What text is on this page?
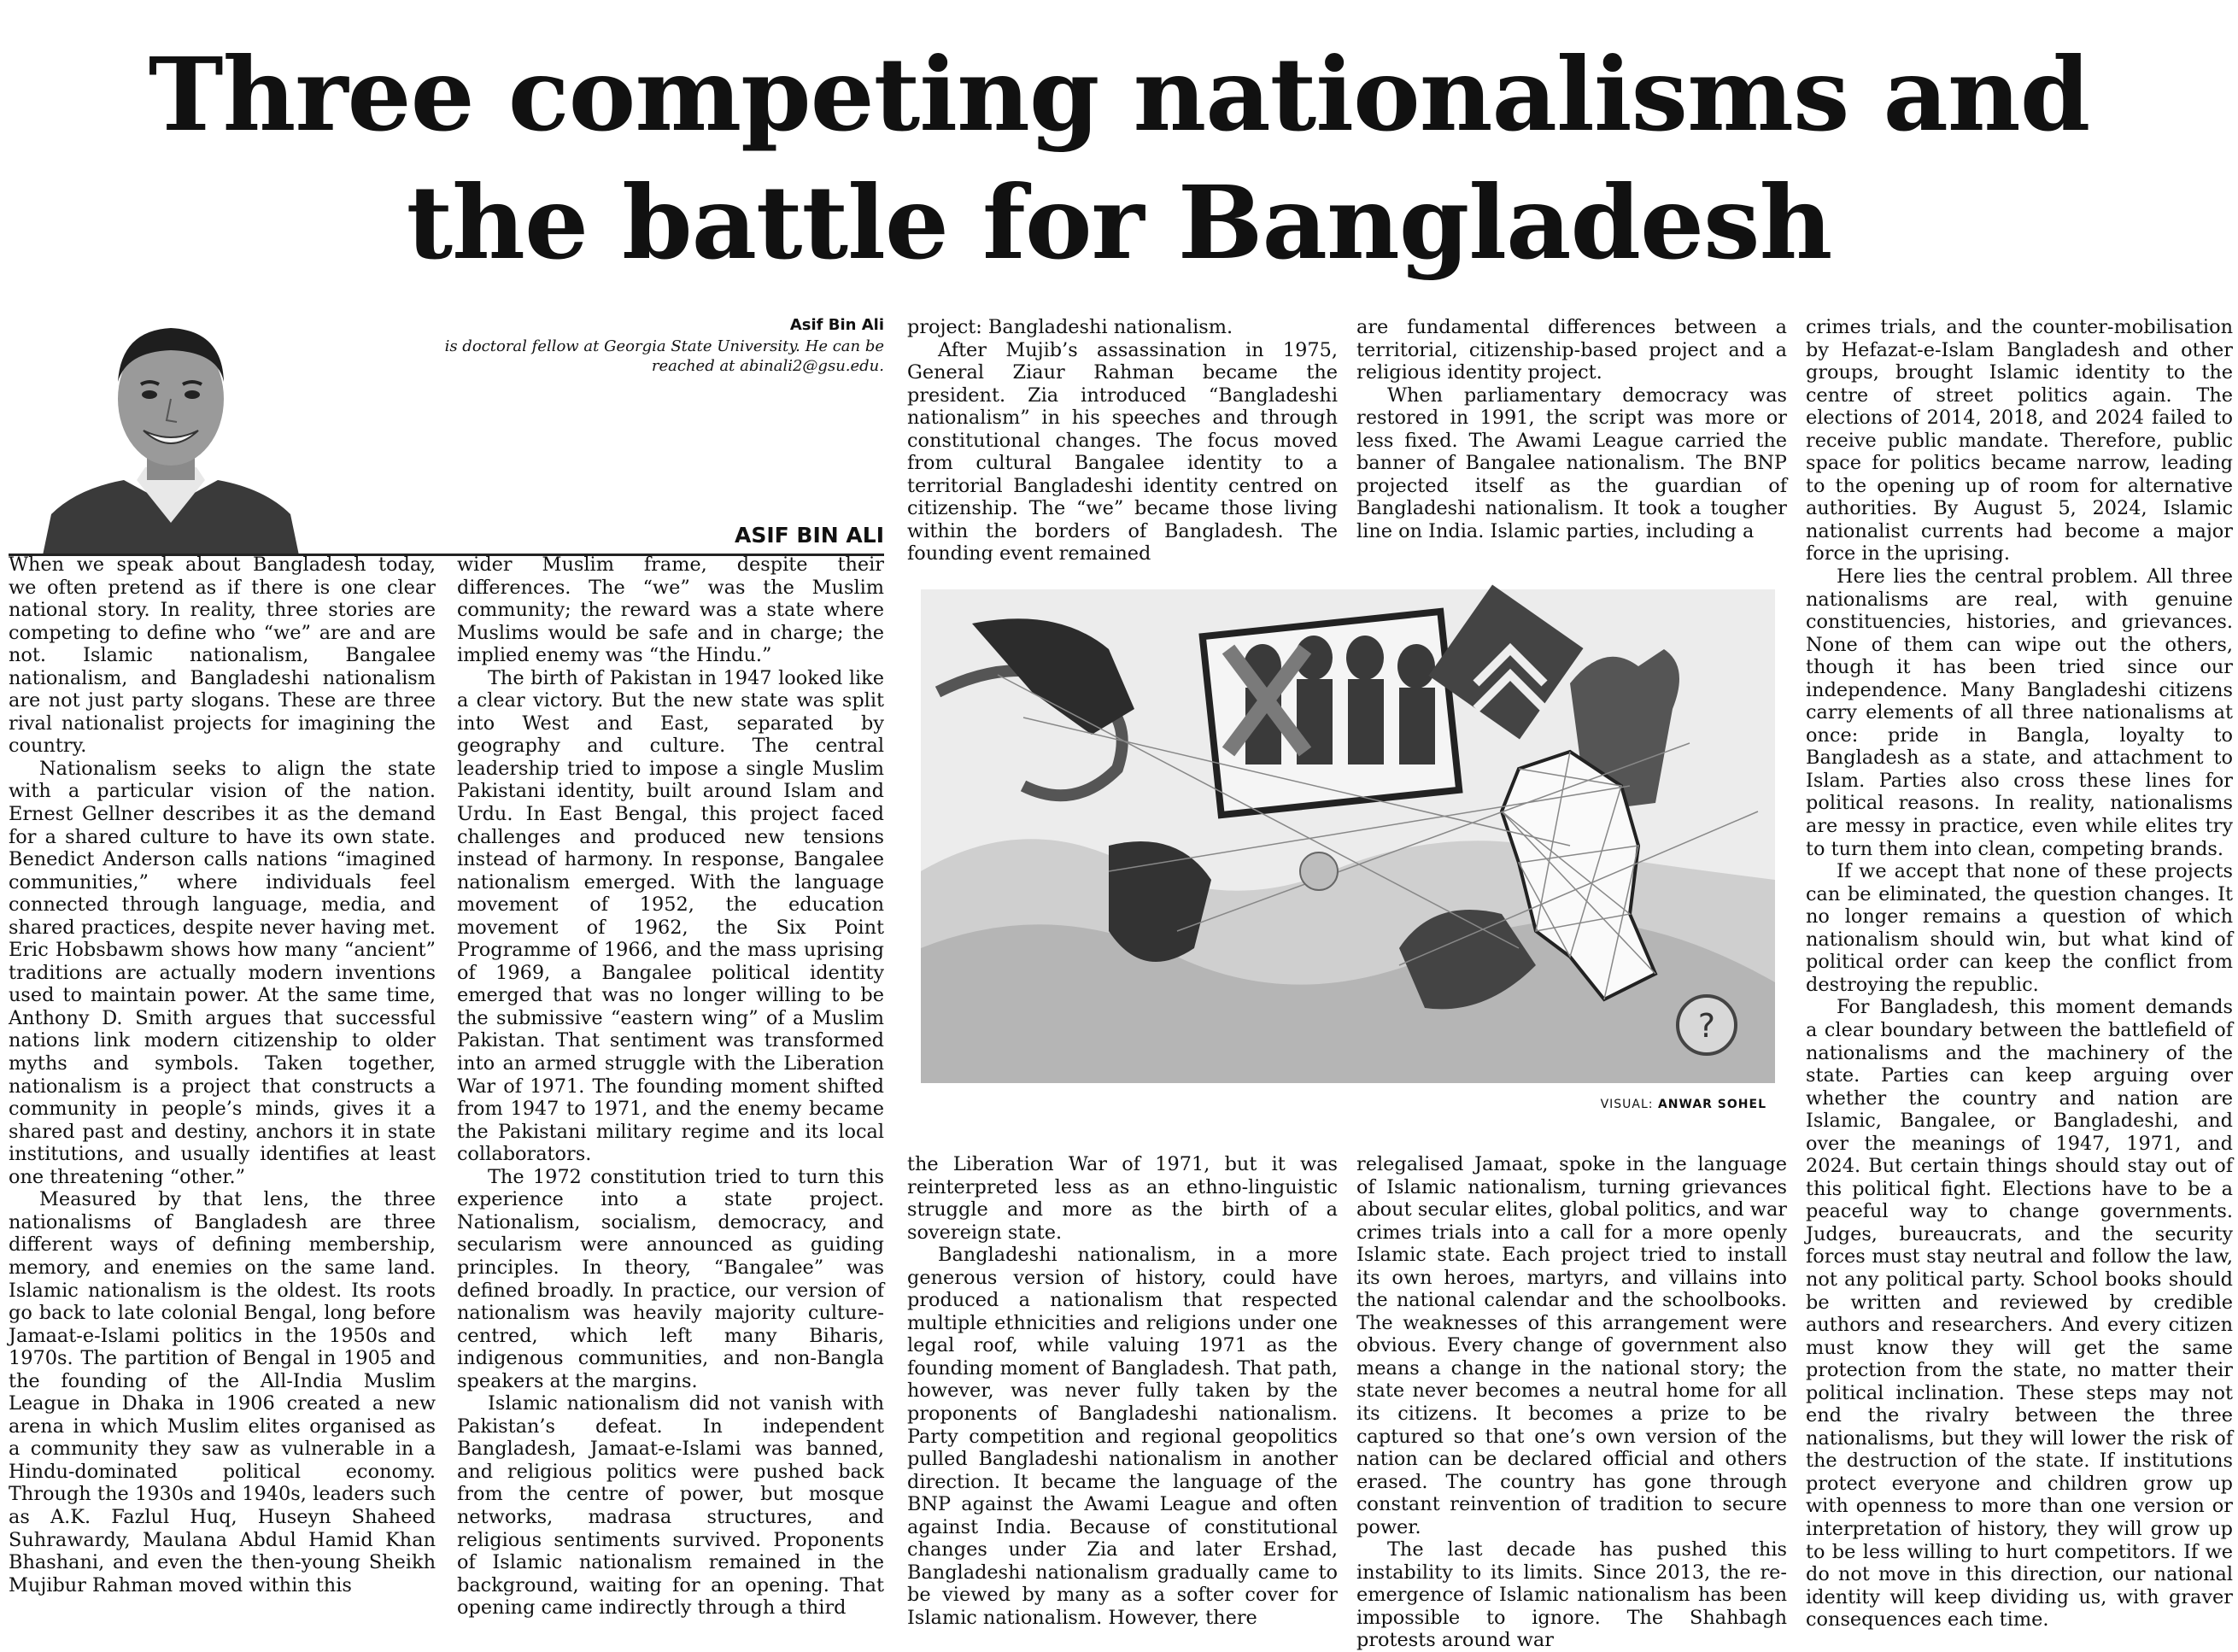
Three competing nationalisms and
the battle for Bangladesh
Asif Bin Ali
is doctoral fellow at Georgia State University. He can be reached at abinali2@gsu.edu.
ASIF BIN ALI

When we speak about Bangladesh today, we often pretend as if there is one clear national story. In reality, three stories are competing to define who “we” are and are not. Islamic nationalism, Bangalee nationalism, and Bangladeshi nationalism are not just party slogans. These are three rival nationalist projects for imagining the country.

Nationalism seeks to align the state with a particular vision of the nation. Ernest Gellner describes it as the demand for a shared culture to have its own state. Benedict Anderson calls nations “imagined communities,” where individuals feel connected through language, media, and shared practices, despite never having met. Eric Hobsbawm shows how many “ancient” traditions are actually modern inventions used to maintain power. At the same time, Anthony D. Smith argues that successful nations link modern citizenship to older myths and symbols. Taken together, nationalism is a project that constructs a community in people’s minds, gives it a shared past and destiny, anchors it in state institutions, and usually identifies at least one threatening “other.”

Measured by that lens, the three nationalisms of Bangladesh are three different ways of defining membership, memory, and enemies on the same land. Islamic nationalism is the oldest. Its roots go back to late colonial Bengal, long before Jamaat-e-Islami politics in the 1950s and 1970s. The partition of Bengal in 1905 and the founding of the All-India Muslim League in Dhaka in 1906 created a new arena in which Muslim elites organised as a community they saw as vulnerable in a Hindu-dominated political economy. Through the 1930s and 1940s, leaders such as A.K. Fazlul Huq, Huseyn Shaheed Suhrawardy, Maulana Abdul Hamid Khan Bhashani, and even the then-young Sheikh Mujibur Rahman moved within this

wider Muslim frame, despite their differences. The “we” was the Muslim community; the reward was a state where Muslims would be safe and in charge; the implied enemy was “the Hindu.”

The birth of Pakistan in 1947 looked like a clear victory. But the new state was split into West and East, separated by geography and culture. The central leadership tried to impose a single Muslim Pakistani identity, built around Islam and Urdu. In East Bengal, this project faced challenges and produced new tensions instead of harmony. In response, Bangalee nationalism emerged. With the language movement of 1952, the education movement of 1962, the Six Point Programme of 1966, and the mass uprising of 1969, a Bangalee political identity emerged that was no longer willing to be the submissive “eastern wing” of a Muslim Pakistan. That sentiment was transformed into an armed struggle with the Liberation War of 1971. The founding moment shifted from 1947 to 1971, and the enemy became the Pakistani military regime and its local collaborators.

The 1972 constitution tried to turn this experience into a state project. Nationalism, socialism, democracy, and secularism were announced as guiding principles. In theory, “Bangalee” was defined broadly. In practice, our version of nationalism was heavily majority culture-centred, which left many Biharis, indigenous communities, and non-Bangla speakers at the margins.

Islamic nationalism did not vanish with Pakistan’s defeat. In independent Bangladesh, Jamaat-e-Islami was banned, and religious politics were pushed back from the centre of power, but mosque networks, madrasa structures, and religious sentiments survived. Proponents of Islamic nationalism remained in the background, waiting for an opening. That opening came indirectly through a third

project: Bangladeshi nationalism.

After Mujib’s assassination in 1975, General Ziaur Rahman became the president. Zia introduced “Bangladeshi nationalism” in his speeches and through constitutional changes. The focus moved from cultural Bangalee identity to a territorial Bangladeshi identity centred on citizenship. The “we” became those living within the borders of Bangladesh. The founding event remained

are fundamental differences between a territorial, citizenship-based project and a religious identity project.

When parliamentary democracy was restored in 1991, the script was more or less fixed. The Awami League carried the banner of Bangalee nationalism. The BNP projected itself as the guardian of Bangladeshi nationalism. It took a tougher line on India. Islamic parties, including a

?
VISUAL: ANWAR SOHEL

the Liberation War of 1971, but it was reinterpreted less as an ethno-linguistic struggle and more as the birth of a sovereign state.

Bangladeshi nationalism, in a more generous version of history, could have produced a nationalism that respected multiple ethnicities and religions under one legal roof, while valuing 1971 as the founding moment of Bangladesh. That path, however, was never fully taken by the proponents of Bangladeshi nationalism. Party competition and regional geopolitics pulled Bangladeshi nationalism in another direction. It became the language of the BNP against the Awami League and often against India. Because of constitutional changes under Zia and later Ershad, Bangladeshi nationalism gradually came to be viewed by many as a softer cover for Islamic nationalism. However, there

relegalised Jamaat, spoke in the language of Islamic nationalism, turning grievances about secular elites, global politics, and war crimes trials into a call for a more openly Islamic state. Each project tried to install its own heroes, martyrs, and villains into the national calendar and the schoolbooks. The weaknesses of this arrangement were obvious. Every change of government also means a change in the national story; the state never becomes a neutral home for all its citizens. It becomes a prize to be captured so that one’s own version of the nation can be declared official and others erased. The country has gone through constant reinvention of tradition to secure power.

The last decade has pushed this instability to its limits. Since 2013, the re-emergence of Islamic nationalism has been impossible to ignore. The Shahbagh protests around war

crimes trials, and the counter-mobilisation by Hefazat-e-Islam Bangladesh and other groups, brought Islamic identity to the centre of street politics again. The elections of 2014, 2018, and 2024 failed to receive public mandate. Therefore, public space for politics became narrow, leading to the opening up of room for alternative authorities. By August 5, 2024, Islamic nationalist currents had become a major force in the uprising.

Here lies the central problem. All three nationalisms are real, with genuine constituencies, histories, and grievances. None of them can wipe out the others, though it has been tried since our independence. Many Bangladeshi citizens carry elements of all three nationalisms at once: pride in Bangla, loyalty to Bangladesh as a state, and attachment to Islam. Parties also cross these lines for political reasons. In reality, nationalisms are messy in practice, even while elites try to turn them into clean, competing brands.

If we accept that none of these projects can be eliminated, the question changes. It no longer remains a question of which nationalism should win, but what kind of political order can keep the conflict from destroying the republic.

For Bangladesh, this moment demands a clear boundary between the battlefield of nationalisms and the machinery of the state. Parties can keep arguing over whether the country and nation are Islamic, Bangalee, or Bangladeshi, and over the meanings of 1947, 1971, and 2024. But certain things should stay out of this political fight. Elections have to be a peaceful way to change governments. Judges, bureaucrats, and the security forces must stay neutral and follow the law, not any political party. School books should be written and reviewed by credible authors and researchers. And every citizen must know they will get the same protection from the state, no matter their political inclination. These steps may not end the rivalry between the three nationalisms, but they will lower the risk of the destruction of the state. If institutions protect everyone and children grow up with openness to more than one version or interpretation of history, they will grow up to be less willing to hurt competitors. If we do not move in this direction, our national identity will keep dividing us, with graver consequences each time.
